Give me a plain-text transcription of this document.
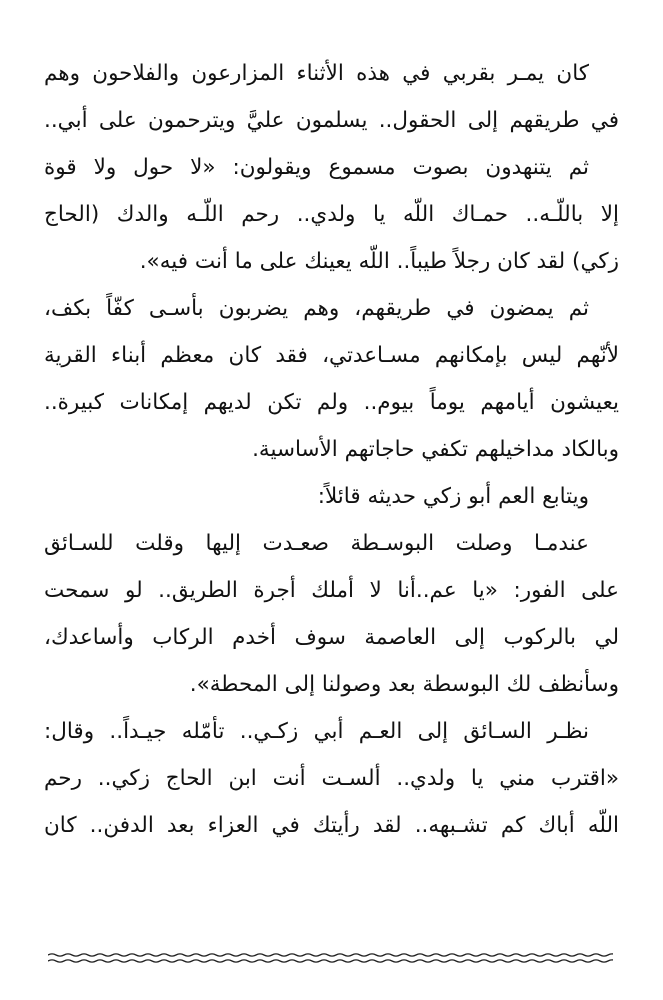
كان يمـر بقربي في هذه الأثناء المزارعون والفلاحون وهم
في طريقهم إلى الحقول.. يسلمون عليَّ ويترحمون على أبي..
ثم يتنهدون بصوت مسموع ويقولون: «لا حول ولا قوة
إلا باللّـه.. حمـاك اللّه يا ولدي.. رحم اللّـه والدك (الحاج
زكي) لقد كان رجلاً طيباً.. اللّه يعينك على ما أنت فيه».
ثم يمضون في طريقهم، وهم يضربون بأسـى كفّاً بكف،
لأنّهم ليس بإمكانهم مسـاعدتي، فقد كان معظم أبناء القرية
يعيشون أيامهم يوماً بيوم.. ولم تكن لديهم إمكانات كبيرة..
وبالكاد مداخيلهم تكفي حاجاتهم الأساسية.
ويتابع العم أبو زكي حديثه قائلاً:
عندمـا وصلت البوسـطة صعـدت إليها وقلت للسـائق
على الفور: «يا عم..أنا لا أملك أجرة الطريق.. لو سمحت
لي بالركوب إلى العاصمة سوف أخدم الركاب وأساعدك،
وسأنظف لك البوسطة بعد وصولنا إلى المحطة».
نظـر السـائق إلى العـم أبي زكـي.. تأمّله جيـداً.. وقال:
«اقترب مني يا ولدي.. ألسـت أنت ابن الحاج زكي.. رحم
اللّه أباك كم تشـبهه.. لقد رأيتك في العزاء بعد الدفن.. كان
